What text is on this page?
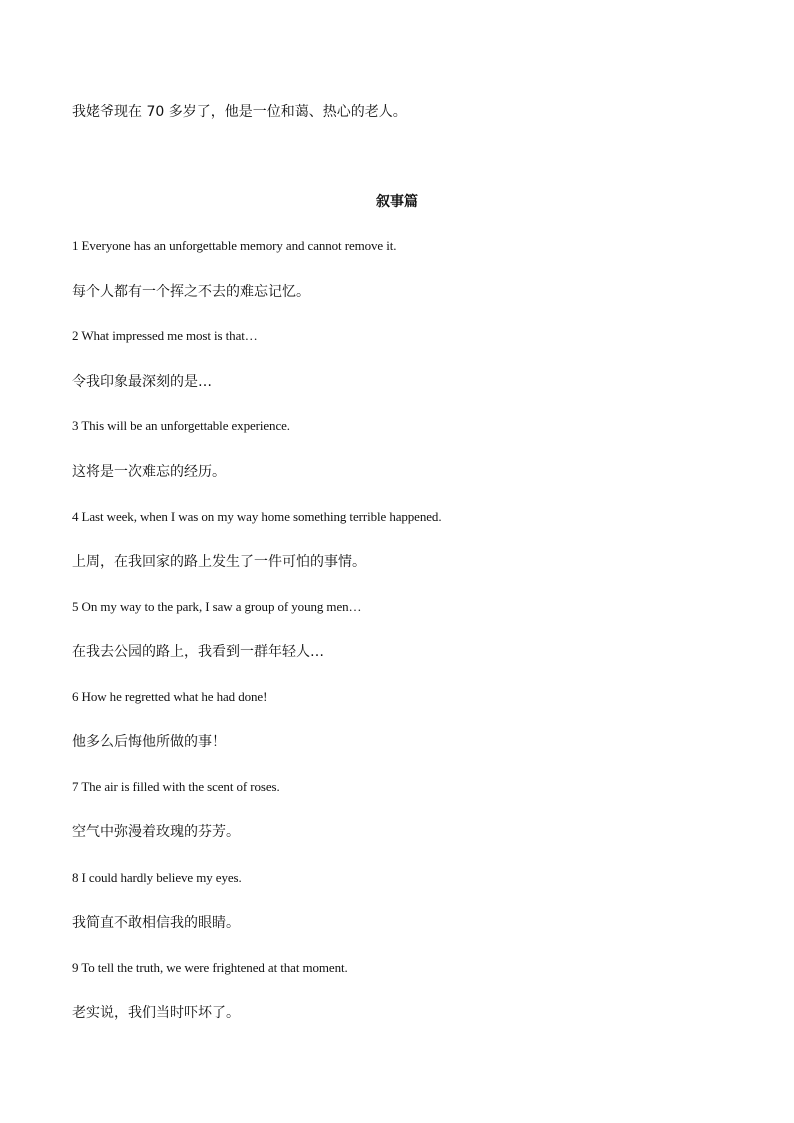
我姥爷现在 70 多岁了，他是一位和蔼、热心的老人。
叙事篇
1 Everyone has an unforgettable memory and cannot remove it.
每个人都有一个挥之不去的难忘记忆。
2 What impressed me most is that…
令我印象最深刻的是…
3 This will be an unforgettable experience.
这将是一次难忘的经历。
4 Last week, when I was on my way home something terrible happened.
上周，在我回家的路上发生了一件可怕的事情。
5 On my way to the park, I saw a group of young men…
在我去公园的路上，我看到一群年轻人…
6 How he regretted what he had done!
他多么后悔他所做的事！
7 The air is filled with the scent of roses.
空气中弥漫着玫瑰的芬芳。
8 I could hardly believe my eyes.
我简直不敢相信我的眼睛。
9 To tell the truth, we were frightened at that moment.
老实说，我们当时吓坏了。
